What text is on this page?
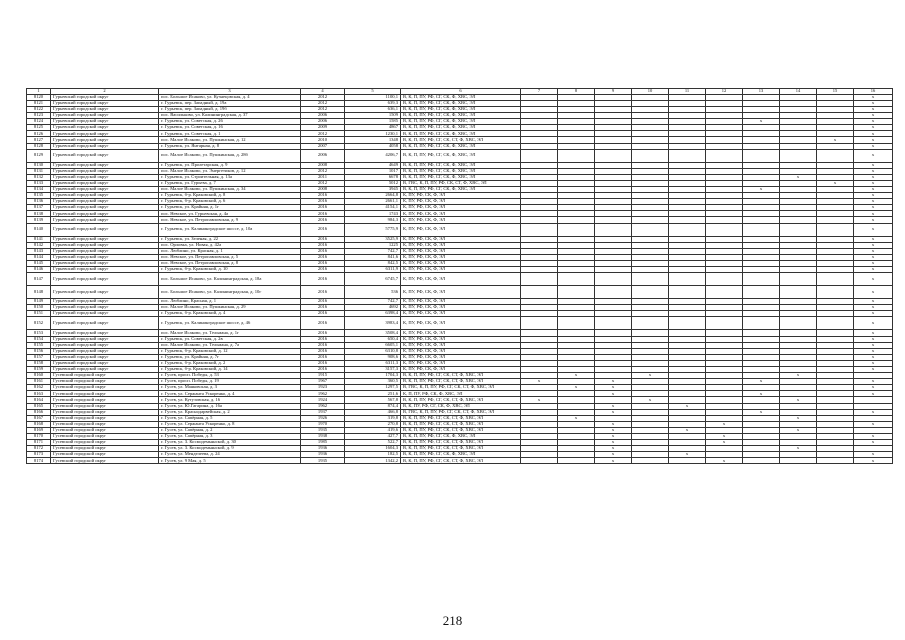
1	2	3	4	5	6	7	8	9	10	11	12	13	14	15	16
8120	Гурьевский городской округ	пос. Большое Исаково, ул. Кузнецовская, д. 4	2012	1100,1	В, К, П, ПУ, РФ, СГ, СК, Ф, ХВС, ЭЛ										x
8121	Гурьевский городской округ	г. Гурьевск, пер. Западный, д. 19а	2012	639,3	В, К, П, ПУ, РФ, СГ, СК, Ф, ХВС, ЭЛ										x
8122	Гурьевский городской округ	г. Гурьевск, пер. Западный, д. 19б	2012	636,1	В, К, П, ПУ, РФ, СГ, СК, Ф, ХВС, ЭЛ										x
8123	Гурьевский городской округ	пос. Васильково, ул. Калининградская, д. 37	2006	1509	В, К, П, ПУ, РФ, СГ, СК, Ф, ХВС, ЭЛ										x
8124	Гурьевский городской округ	г. Гурьевск, ул. Советская, д. 26	2006	1585	В, К, П, ПУ, РФ, СГ, СК, Ф, ХВС, ЭЛ							x			x
8125	Гурьевский городской округ	г. Гурьевск, ул. Советская, д. 16	2009	4867	В, К, П, ПУ, РФ, СГ, СК, Ф, ХВС, ЭЛ										x
8126	Гурьевский городской округ	г. Гурьевск, ул. Советская, д. 1	2012	1230,1	В, К, П, ПУ, РФ, СГ, СК, Ф, ХВС, ЭЛ										x
8127	Гурьевский городской округ	пос. Малое Исаково, ул. Пушкинская, д. 12	2010	1348	В, К, П, ПУ, РФ, СГ, СК, СТ, Ф, ХВС, ЭЛ									x	x
8128	Гурьевский городской округ	г. Гурьевск, ул. Янтарная, д. 8	2007	4058	В, К, П, ПУ, РФ, СГ, СК, Ф, ХВС, ЭЛ										x
8129	Гурьевский городской округ	пос. Малое Исаково, ул. Пушкинская, д. 28б	2006	4206,7	В, К, П, ПУ, РФ, СГ, СК, Ф, ХВС, ЭЛ										x
8130	Гурьевский городской округ	г. Гурьевск, ул. Пролетарская, д. 9	2008	4649	В, К, П, ПУ, РФ, СГ, СК, Ф, ХВС, ЭЛ										x
8131	Гурьевский городской округ	пос. Малое Исаково, ул. Энергетиков, д. 12	2012	1017	В, К, П, ПУ, РФ, СГ, СК, Ф, ХВС, ЭЛ										x
8132	Гурьевский городской округ	г. Гурьевск, ул. Строительная, д. 13а	2011	6678	В, К, П, ПУ, РФ, СГ, СК, Ф, ХВС, ЭЛ								x		x
8133	Гурьевский городской округ	г. Гурьевск, ул. Гурьева, д. 7	2012	5012	В, ГВС, К, П, ПУ, РФ, СК, СТ, Ф, ХВС, ЭЛ									x	x
8134	Гурьевский городской округ	пос. Малое Исаково, ул. Пушкинская, д. 34	2008	3945	В, К, П, ПУ, РФ, СГ, СК, Ф, ХВС, ЭЛ							x			x
8135	Гурьевский городской округ	г. Гурьевск, б-р. Краковский, д. 8	2016	2664,8	К, ПУ, РФ, СК, Ф, ЭЛ										x
8136	Гурьевский городской округ	г. Гурьевск, б-р. Краковский, д. 6	2016	2661,1	К, ПУ, РФ, СК, Ф, ЭЛ										x
8137	Гурьевский городской округ	г. Гурьевск, ул. Крайняя, д. 1г	2016	4154,1	К, ПУ, РФ, СК, Ф, ЭЛ										x
8138	Гурьевский городской округ	пос. Невское, ул. Гурьевская, д. 4а	2016	1743	К, ПУ, РФ, СК, Ф, ЭЛ										x
8139	Гурьевский городской округ	пос. Невское, ул. Петропавловская, д. 9	2016	984,3	К, ПУ, РФ, СК, Ф, ЭЛ										x
8140	Гурьевский городской округ	г. Гурьевск, ул. Калининградское шоссе, д. 10а	2016	5775,9	К, ПУ, РФ, СК, Ф, ЭЛ										x
8141	Гурьевский городской округ	г. Гурьевск, ул. Зеленая, д. 22	2016	3525,9	К, ПУ, РФ, СК, Ф, ЭЛ										x
8142	Гурьевский городской округ	пос. Орловка, ул. Новая, д. 42а	2016	1225	К, ПУ, РФ, СК, Ф, ЭЛ										x
8143	Гурьевский городской округ	пос. Люблино, ул. Красная, д. 1	2016	742,7	К, ПУ, РФ, СК, Ф, ЭЛ										x
8144	Гурьевский городской округ	пос. Невское, ул. Петропавловская, д. 5	2016	841,6	К, ПУ, РФ, СК, Ф, ЭЛ										x
8145	Гурьевский городской округ	пос. Невское, ул. Петропавловская, д. 8	2016	842,5	К, ПУ, РФ, СК, Ф, ЭЛ										x
8146	Гурьевский городской округ	г. Гурьевск, б-р. Краковский, д. 10	2016	6311,9	К, ПУ, РФ, СК, Ф, ЭЛ										x
8147	Гурьевский городской округ	пос. Большое Исаково, ул. Калининградская, д. 18а	2016	6745,7	К, ПУ, РФ, СК, Ф, ЭЛ										x
8148	Гурьевский городской округ	пос. Большое Исаково, ул. Калининградская, д. 10г	2016	536	К, ПУ, РФ, СК, Ф, ЭЛ										x
8149	Гурьевский городской округ	пос. Люблино, Красная, д. 1	2016	742,7	К, ПУ, РФ, СК, Ф, ЭЛ										x
8150	Гурьевский городской округ	пос. Малое Исаково, ул. Пушкинская, д. 29	2016	4692	К, ПУ, РФ, СК, Ф, ЭЛ										x
8151	Гурьевский городской округ	г. Гурьевск, б-р. Краковский, д. 4	2016	6398,4	К, ПУ, РФ, СК, Ф, ЭЛ										x
8152	Гурьевский городской округ	г. Гурьевск, ул. Калининградское шоссе, д. 46	2016	3983,4	К, ПУ, РФ, СК, Ф, ЭЛ										x
8153	Гурьевский городской округ	пос. Малое Исаково, ул. Тельмана, д. 1г	2016	3508,4	К, ПУ, РФ, СК, Ф, ЭЛ										x
8154	Гурьевский городской округ	г. Гурьевск, ул. Советская, д. 2в	2016	650,4	К, ПУ, РФ, СК, Ф, ЭЛ										x
8155	Гурьевский городской округ	пос. Малое Исаково, ул. Тельмана, д. 7а	2016	6605,1	К, ПУ, РФ, СК, Ф, ЭЛ										x
8156	Гурьевский городской округ	г. Гурьевск, б-р. Краковский, д. 12	2016	6310,8	К, ПУ, РФ, СК, Ф, ЭЛ										x
8157	Гурьевский городской округ	г. Гурьевск, ул. Крайняя, д. 7г	2016	908,6	К, ПУ, РФ, СК, Ф, ЭЛ										x
8158	Гурьевский городской округ	г. Гурьевск, б-р. Краковский, д. 2	2016	6311,3	К, ПУ, РФ, СК, Ф, ЭЛ										x
8159	Гурьевский городской округ	г. Гурьевск, б-р. Краковский, д. 14	2016	3157,3	К, ПУ, РФ, СК, Ф, ЭЛ										x
8160	Гусевский городской округ	г. Гусев, просп. Победы, д. 53	1915	1704,3	В, К, П, ПУ, РФ, СГ, СК, СТ, Ф, ХВС, ЭЛ		x		x				x		
8161	Гусевский городской округ	г. Гусев, просп. Победы, д. 19	1967	360,5	В, К, П, ПУ, РФ, СГ, СК, СТ, Ф, ХВС, ЭЛ	x		x				x			x
8162	Гусевский городской округ	г. Гусев, ул. Маяковская, д. 3	1923	1297,5	В, ГВС, К, П, ПУ, РФ, СГ, СК, СТ, Ф, ХВС, ЭЛ		x	x							x
8163	Гусевский городской округ	г. Гусев, ул. Сержанта Ускоренко, д. 4	1962	251,6	К, П, ПУ, РФ, СК, Ф, ХВС, ЭЛ			x				x			x
8164	Гусевский городской округ	г. Гусев, ул. Кутузовская, д. 16	1924	567,8	В, К, П, ПУ, РФ, СГ, СК, СТ, Ф, ХВС, ЭЛ	x			x				x		
8165	Гусевский городской округ	г. Гусев, ул. Ю.Гагарина, д. 16а	1962	874,4	В, К, ПУ, РФ, СГ, СК, Ф, ХВС, ЭЛ			x		x					
8166	Гусевский городской округ	г. Гусев, ул. Краснодарвейская, д. 2	1937	466,8	В, ГВС, К, П, ПУ, РФ, СГ, СК, СТ, Ф, ХВС, ЭЛ			x				x			x
8167	Гусевский городской округ	г. Гусев, ул. Сапёрная, д. 5	1926	319,8	В, К, П, ПУ, РФ, СГ, СК, СТ, Ф, ХВС, ЭЛ		x						x		
8168	Гусевский городской округ	г. Гусев, ул. Сержанта Ускоренко, д. 8	1970	270,8	В, К, П, ПУ, РФ, СГ, СК, СТ, Ф, ХВС, ЭЛ			x			x				x
8169	Гусевский городской округ	г. Гусев, ул. Сапёрная, д. 2	1935	419,6	В, К, П, ПУ, РФ, СГ, СК, СТ, Ф, ХВС, ЭЛ			x		x			x		
8170	Гусевский городской округ	г. Гусев, ул. Сапёрная, д. 3	1938	427,7	В, К, П, ПУ, РФ, СГ, СК, Ф, ХВС, ЭЛ			x			x				x
8171	Гусевский городской округ	г. Гусев, ул. 3. Космодемьянской, д. 30	1985	522,7	В, К, П, ПУ, РФ, СГ, СК, СТ, Ф, ХВС, ЭЛ			x			x				x
8172	Гусевский городской округ	г. Гусев, ул. 3. Космодемьянской, д. 9	1936	1604,3	В, К, П, ПУ, РФ, СГ, СК, СТ, Ф, ХВС, ЭЛ			x					x		
8173	Гусевский городской округ	г. Гусев, ул. Менделеева, д. 24	1936	182,5	В, К, П, ПУ, РФ, СГ, СК, Ф, ХВС, ЭЛ			x		x					x
8174	Гусевский городской округ	г. Гусев, ул. 9 Мая, д. 5	1935	1342,2	В, К, П, ПУ, РФ, СГ, СК, СТ, Ф, ХВС, ЭЛ			x			x				x
218
